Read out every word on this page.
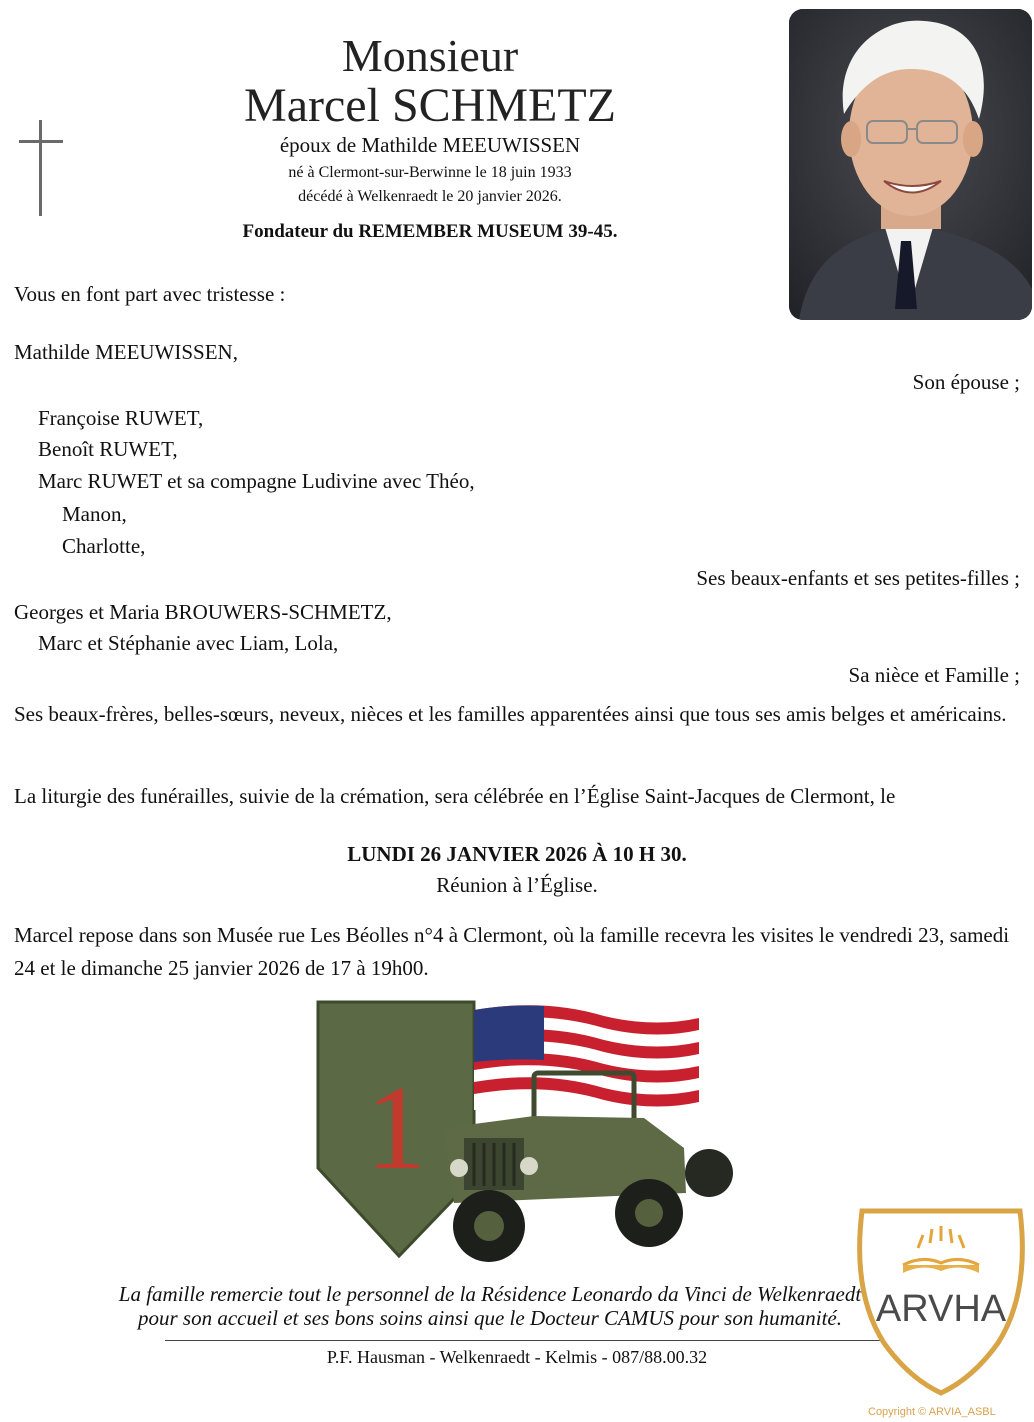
Monsieur
Marcel SCHMETZ
époux de Mathilde MEEUWISSEN
né à Clermont-sur-Berwinne le 18 juin 1933
décédé à Welkenraedt le 20 janvier 2026.
Fondateur du REMEMBER MUSEUM 39-45.
Vous en font part avec tristesse :
Mathilde MEEUWISSEN,
Son épouse ;
Françoise RUWET,
Benoît RUWET,
Marc RUWET et sa compagne Ludivine avec Théo,
Manon,
Charlotte,
Ses beaux-enfants et ses petites-filles ;
Georges et Maria BROUWERS-SCHMETZ,
Marc et Stéphanie avec Liam, Lola,
Sa nièce et Famille ;
Ses beaux-frères, belles-sœurs, neveux, nièces et les familles apparentées ainsi que tous ses amis belges et américains.
La liturgie des funérailles, suivie de la crémation, sera célébrée en l’Église Saint-Jacques de Clermont, le
LUNDI 26 JANVIER 2026 À 10 H 30.
Réunion à l’Église.
Marcel repose dans son Musée rue Les Béolles n°4 à Clermont, où la famille recevra les visites le vendredi 23, samedi 24 et le dimanche 25 janvier 2026 de 17 à 19h00.
1
La famille remercie tout le personnel de la Résidence Leonardo da Vinci de Welkenraedt
pour son accueil et ses bons soins ainsi que le Docteur CAMUS pour son humanité.
P.F. Hausman - Welkenraedt - Kelmis - 087/88.00.32
ARVHA
Copyright © ARVIA_ASBL
